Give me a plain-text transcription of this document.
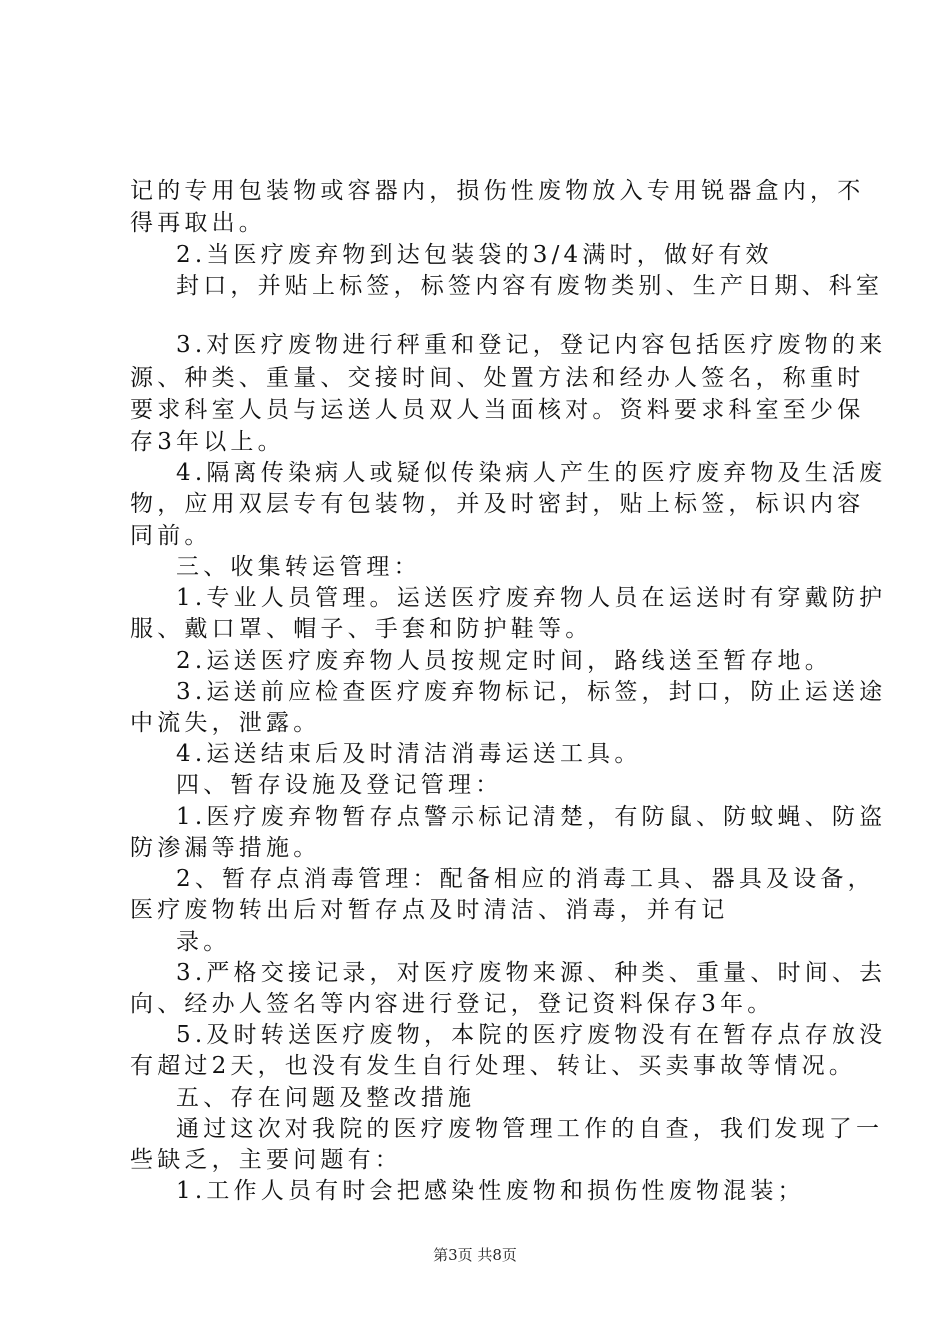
记的专用包装物或容器内，损伤性废物放入专用锐器盒内，不
得再取出。
2.当医疗废弃物到达包装袋的3/4满时，做好有效
封口，并贴上标签，标签内容有废物类别、生产日期、科室
3.对医疗废物进行秤重和登记，登记内容包括医疗废物的来
源、种类、重量、交接时间、处置方法和经办人签名，称重时
要求科室人员与运送人员双人当面核对。资料要求科室至少保
存3年以上。
4.隔离传染病人或疑似传染病人产生的医疗废弃物及生活废
物，应用双层专有包装物，并及时密封，贴上标签，标识内容
同前。
三、收集转运管理：
1.专业人员管理。运送医疗废弃物人员在运送时有穿戴防护
服、戴口罩、帽子、手套和防护鞋等。
2.运送医疗废弃物人员按规定时间，路线送至暂存地。
3.运送前应检查医疗废弃物标记，标签，封口，防止运送途
中流失，泄露。
4.运送结束后及时清洁消毒运送工具。
四、暂存设施及登记管理：
1.医疗废弃物暂存点警示标记清楚，有防鼠、防蚊蝇、防盗
防渗漏等措施。
2、暂存点消毒管理：配备相应的消毒工具、器具及设备，
医疗废物转出后对暂存点及时清洁、消毒，并有记
录。
3.严格交接记录，对医疗废物来源、种类、重量、时间、去
向、经办人签名等内容进行登记，登记资料保存3年。
5.及时转送医疗废物，本院的医疗废物没有在暂存点存放没
有超过2天，也没有发生自行处理、转让、买卖事故等情况。
五、存在问题及整改措施
通过这次对我院的医疗废物管理工作的自查，我们发现了一
些缺乏，主要问题有：
1.工作人员有时会把感染性废物和损伤性废物混装；
第3页 共8页
